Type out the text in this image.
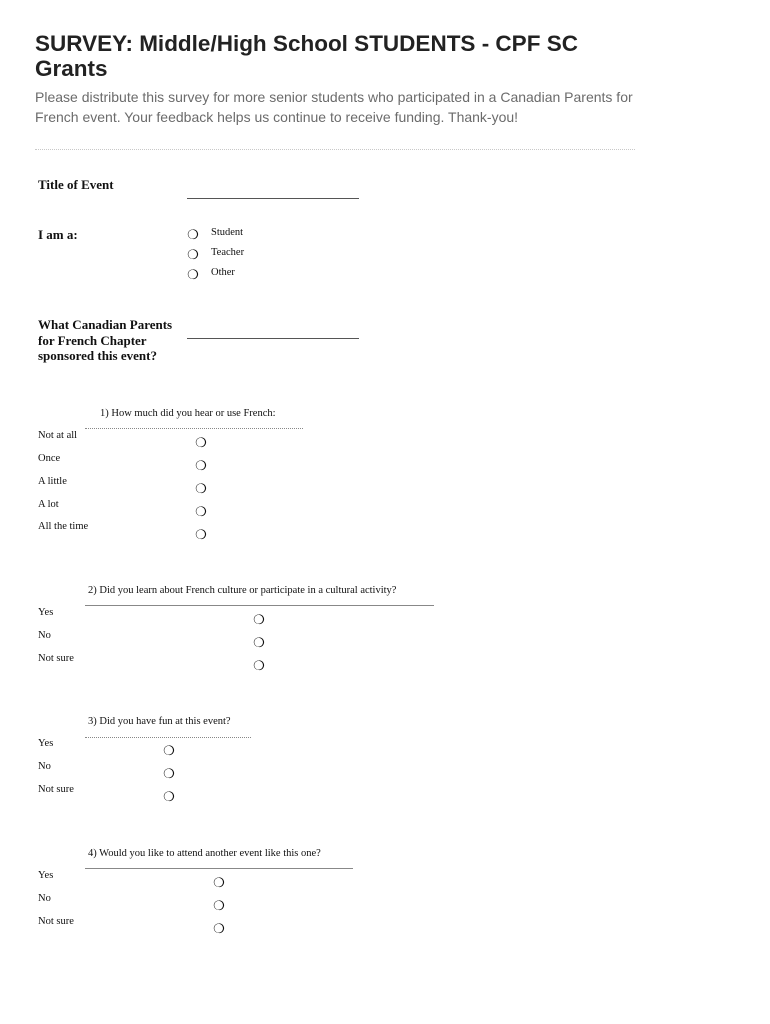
SURVEY: Middle/High School STUDENTS - CPF SC Grants

Please distribute this survey for more senior students who participated in a Canadian Parents for French event. Your feedback helps us continue to receive funding. Thank-you!

Title of Event
I am a:	❍ Student
❍ Teacher
❍ Other
What Canadian Parents for French Chapter sponsored this event?
1) How much did you hear or use French:
Not at all
Once
A little
A lot
All the time
❍
❍
❍
❍
❍
2) Did you learn about French culture or participate in a cultural activity?
Yes
No
Not sure
❍
❍
❍
3) Did you have fun at this event?
Yes
No
Not sure
❍
❍
❍
4) Would you like to attend another event like this one?
Yes
No
Not sure
❍
❍
❍
